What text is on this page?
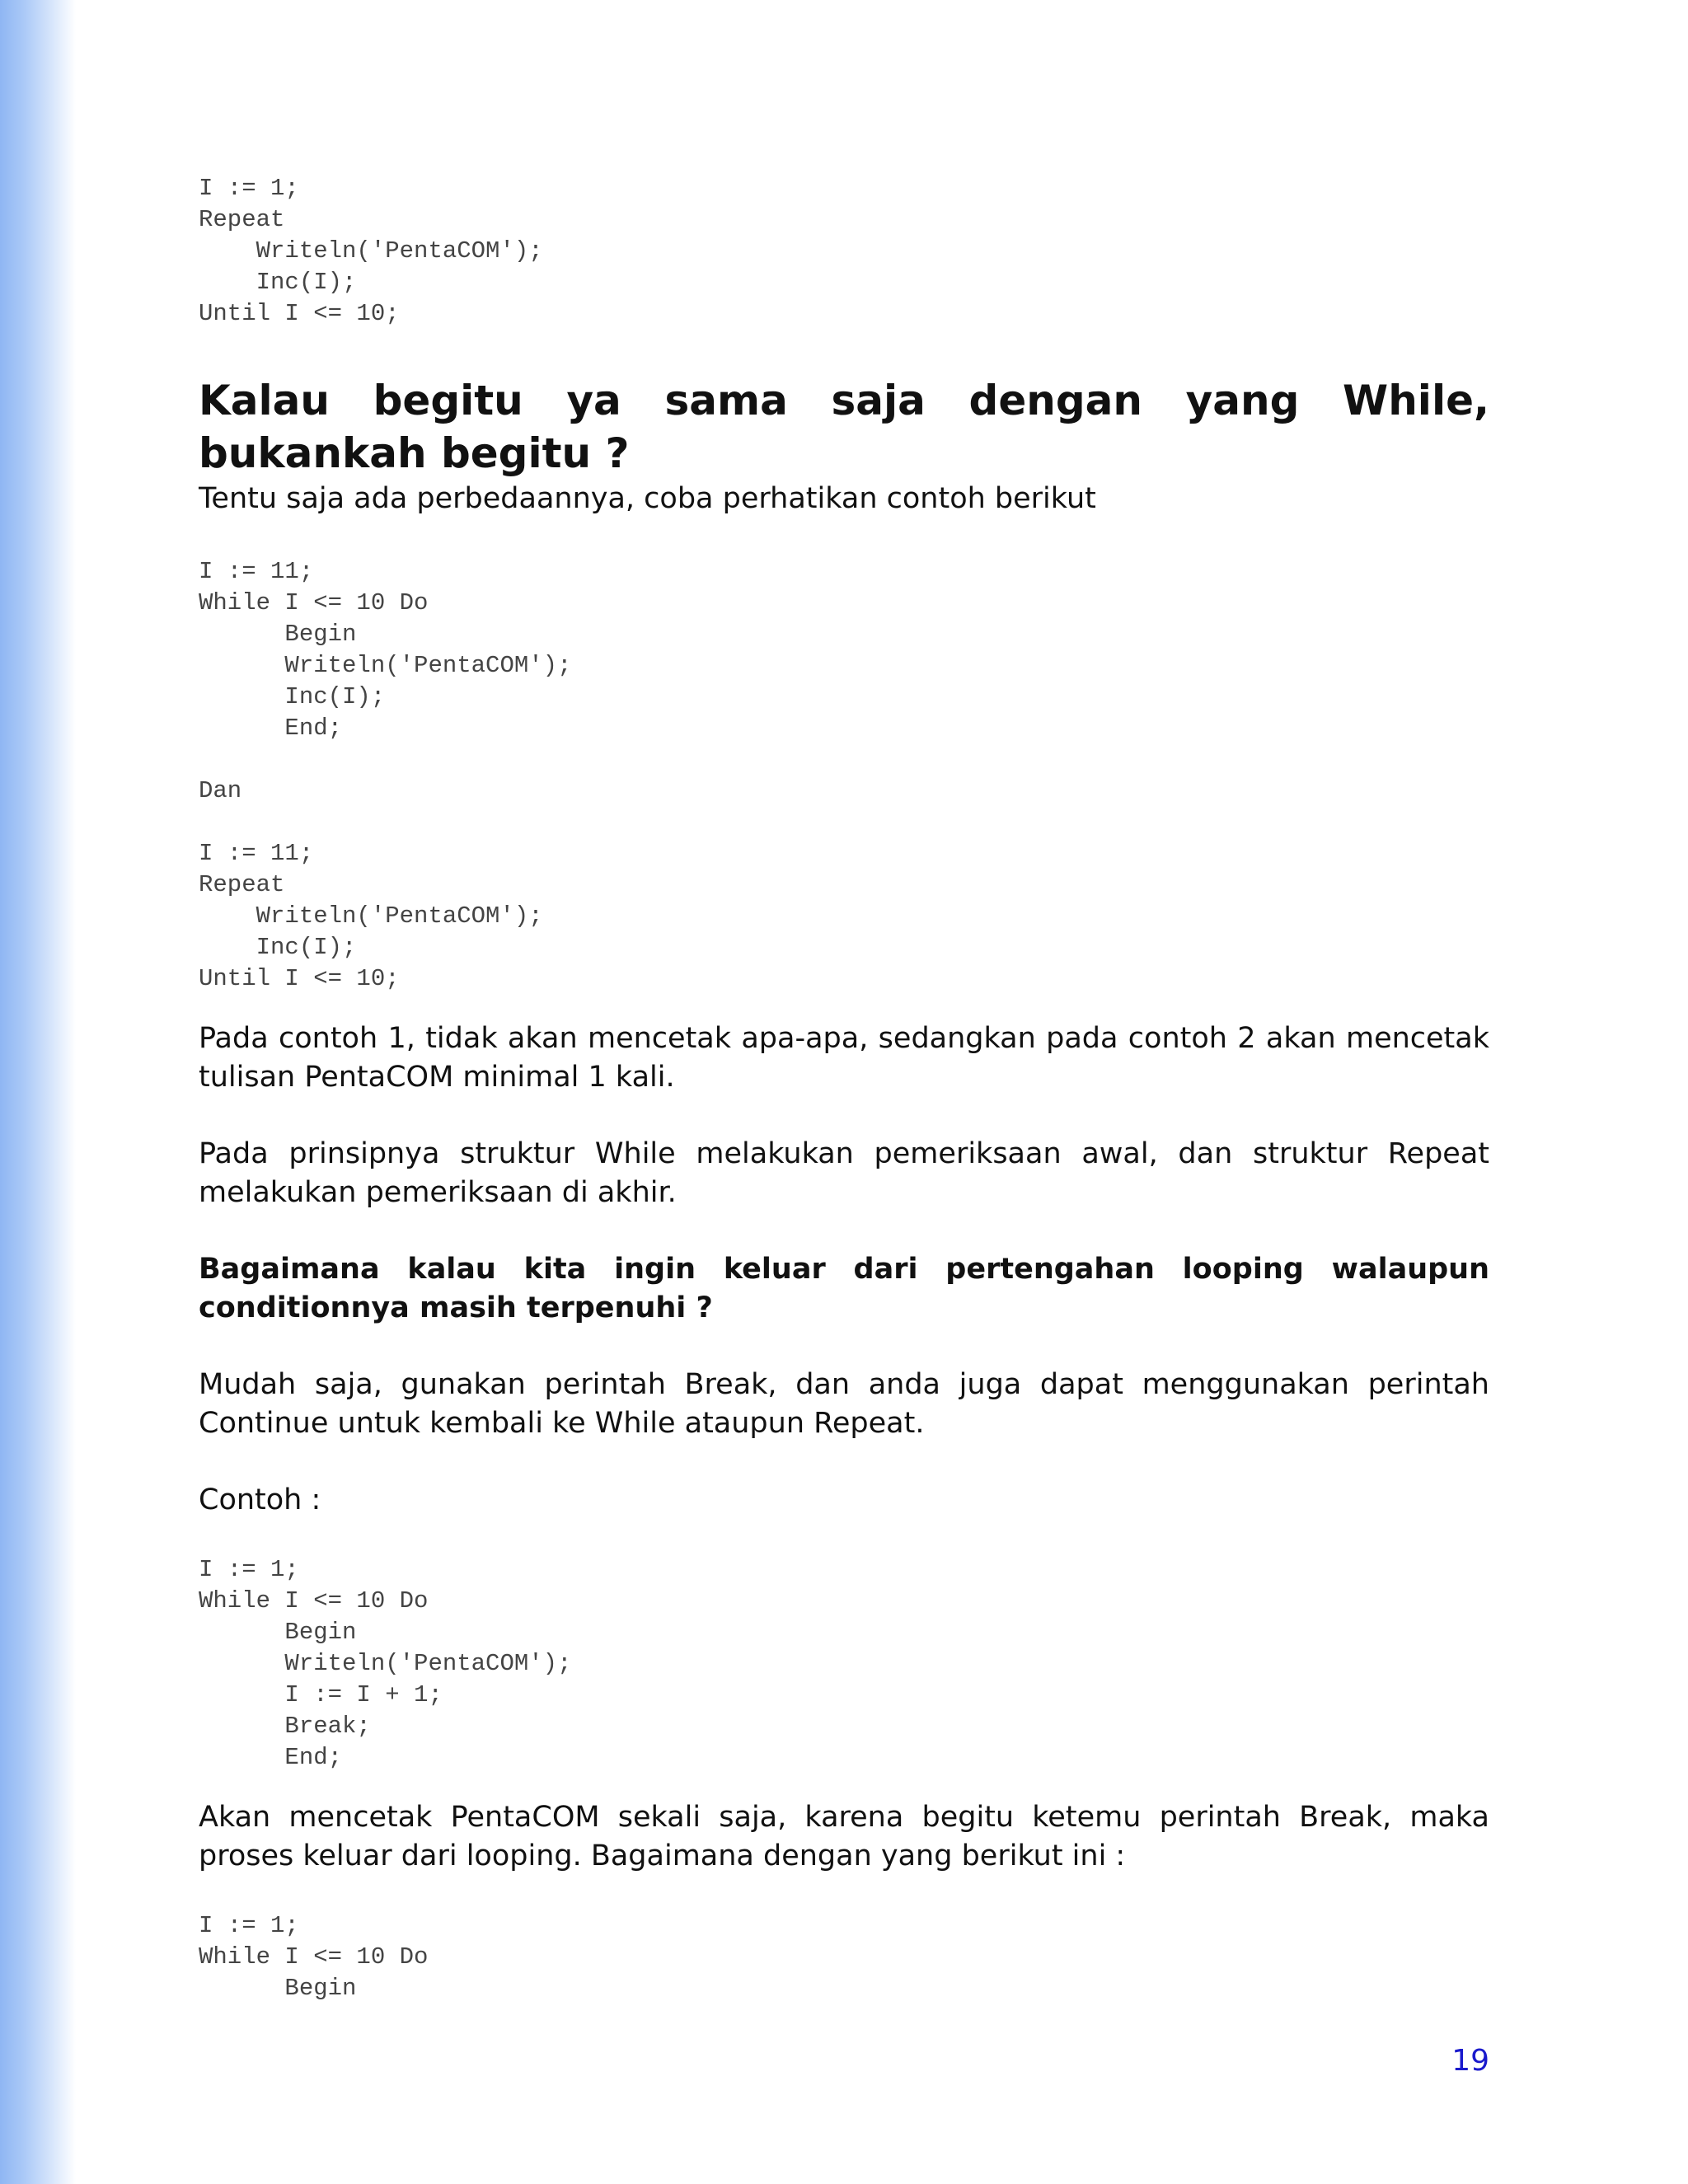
I := 1;
Repeat
Writeln('PentaCOM');
Inc(I);
Until I <= 10;

Kalau begitu ya sama saja dengan yang While, bukankah begitu ?

Tentu saja ada perbedaannya, coba perhatikan contoh berikut

I := 11;
While I <= 10 Do
Begin
Writeln('PentaCOM');
Inc(I);
End;
Dan
I := 11;
Repeat
Writeln('PentaCOM');
Inc(I);
Until I <= 10;

Pada contoh 1, tidak akan mencetak apa-apa, sedangkan pada contoh 2 akan mencetak tulisan PentaCOM minimal 1 kali.

Pada prinsipnya struktur While melakukan pemeriksaan awal, dan struktur Repeat melakukan pemeriksaan di akhir.

Bagaimana kalau kita ingin keluar dari pertengahan looping walaupun conditionnya masih terpenuhi ?

Mudah saja, gunakan perintah Break, dan anda juga dapat menggunakan perintah Continue untuk kembali ke While ataupun Repeat.

Contoh :

I := 1;
While I <= 10 Do
Begin
Writeln('PentaCOM');
I := I + 1;
Break;
End;

Akan mencetak PentaCOM sekali saja, karena begitu ketemu perintah Break, maka proses keluar dari looping. Bagaimana dengan yang berikut ini :

I := 1;
While I <= 10 Do
Begin
19
